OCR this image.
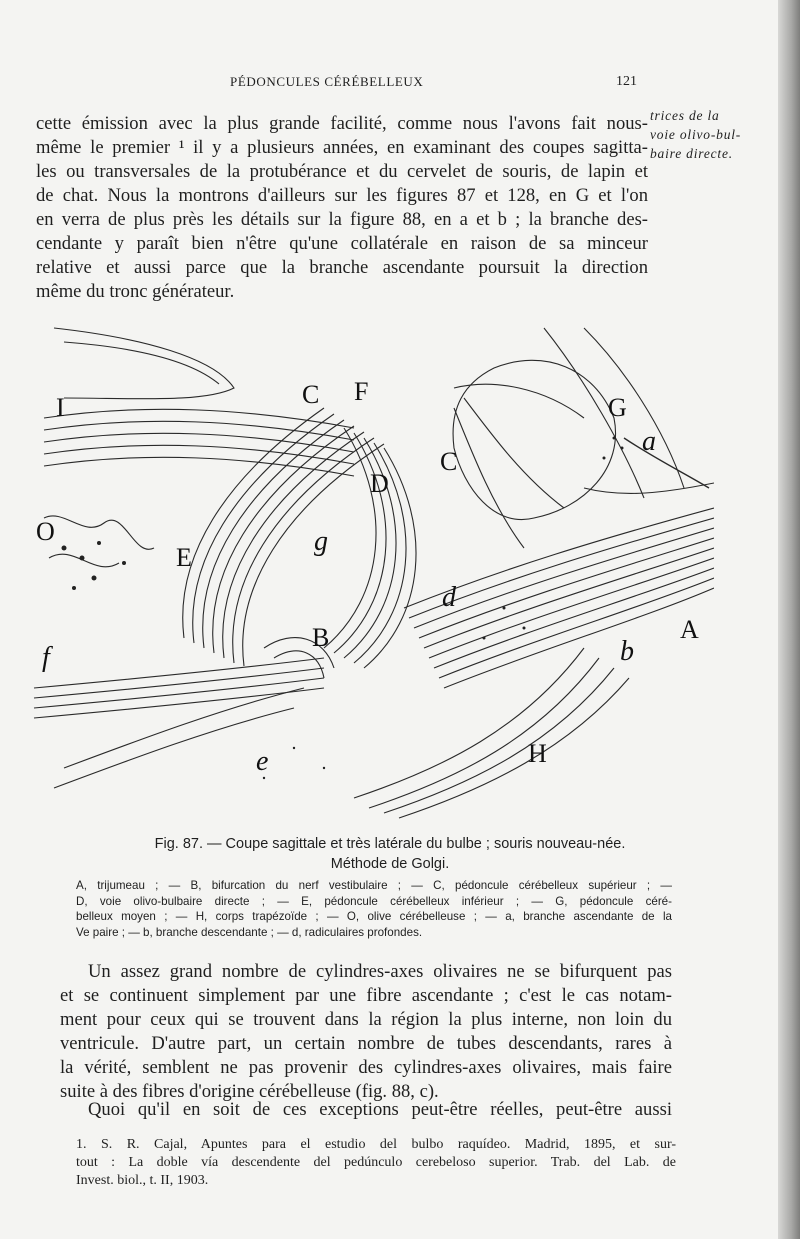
PÉDONCULES CÉRÉBELLEUX	121
trices de la
voie olivo-bul-
baire directe.
cette émission avec la plus grande facilité, comme nous l'avons fait nous-
même le premier ¹ il y a plusieurs années, en examinant des coupes sagitta-
les ou transversales de la protubérance et du cervelet de souris, de lapin et
de chat. Nous la montrons d'ailleurs sur les figures 87 et 128, en G et l'on
en verra de plus près les détails sur la figure 88, en a et b ; la branche des-
cendante y paraît bien n'être qu'une collatérale en raison de sa minceur
relative et aussi parce que la branche ascendante poursuit la direction
même du tronc générateur.
I	C F
D
G
a
C
O
E
g
d
B	A
b
f
e	H
Fig. 87. — Coupe sagittale et très latérale du bulbe ; souris nouveau-née.
Méthode de Golgi.
A, trijumeau ; — B, bifurcation du nerf vestibulaire ; — C, pédoncule cérébelleux supérieur ; —
D, voie olivo-bulbaire directe ; — E, pédoncule cérébelleux inférieur ; — G, pédoncule céré-
belleux moyen ; — H, corps trapézoïde ; — O, olive cérébelleuse ; — a, branche ascendante de la
Ve paire ; — b, branche descendante ; — d, radiculaires profondes.
Un assez grand nombre de cylindres-axes olivaires ne se bifurquent pas
et se continuent simplement par une fibre ascendante ; c'est le cas notam-
ment pour ceux qui se trouvent dans la région la plus interne, non loin du
ventricule. D'autre part, un certain nombre de tubes descendants, rares à
la vérité, semblent ne pas provenir des cylindres-axes olivaires, mais faire
suite à des fibres d'origine cérébelleuse (fig. 88, c).
Quoi qu'il en soit de ces exceptions peut-être réelles, peut-être aussi
1. S. R. Cajal, Apuntes para el estudio del bulbo raquídeo. Madrid, 1895, et sur-
tout : La doble vía descendente del pedúnculo cerebeloso superior. Trab. del Lab. de
Invest. biol., t. II, 1903.
